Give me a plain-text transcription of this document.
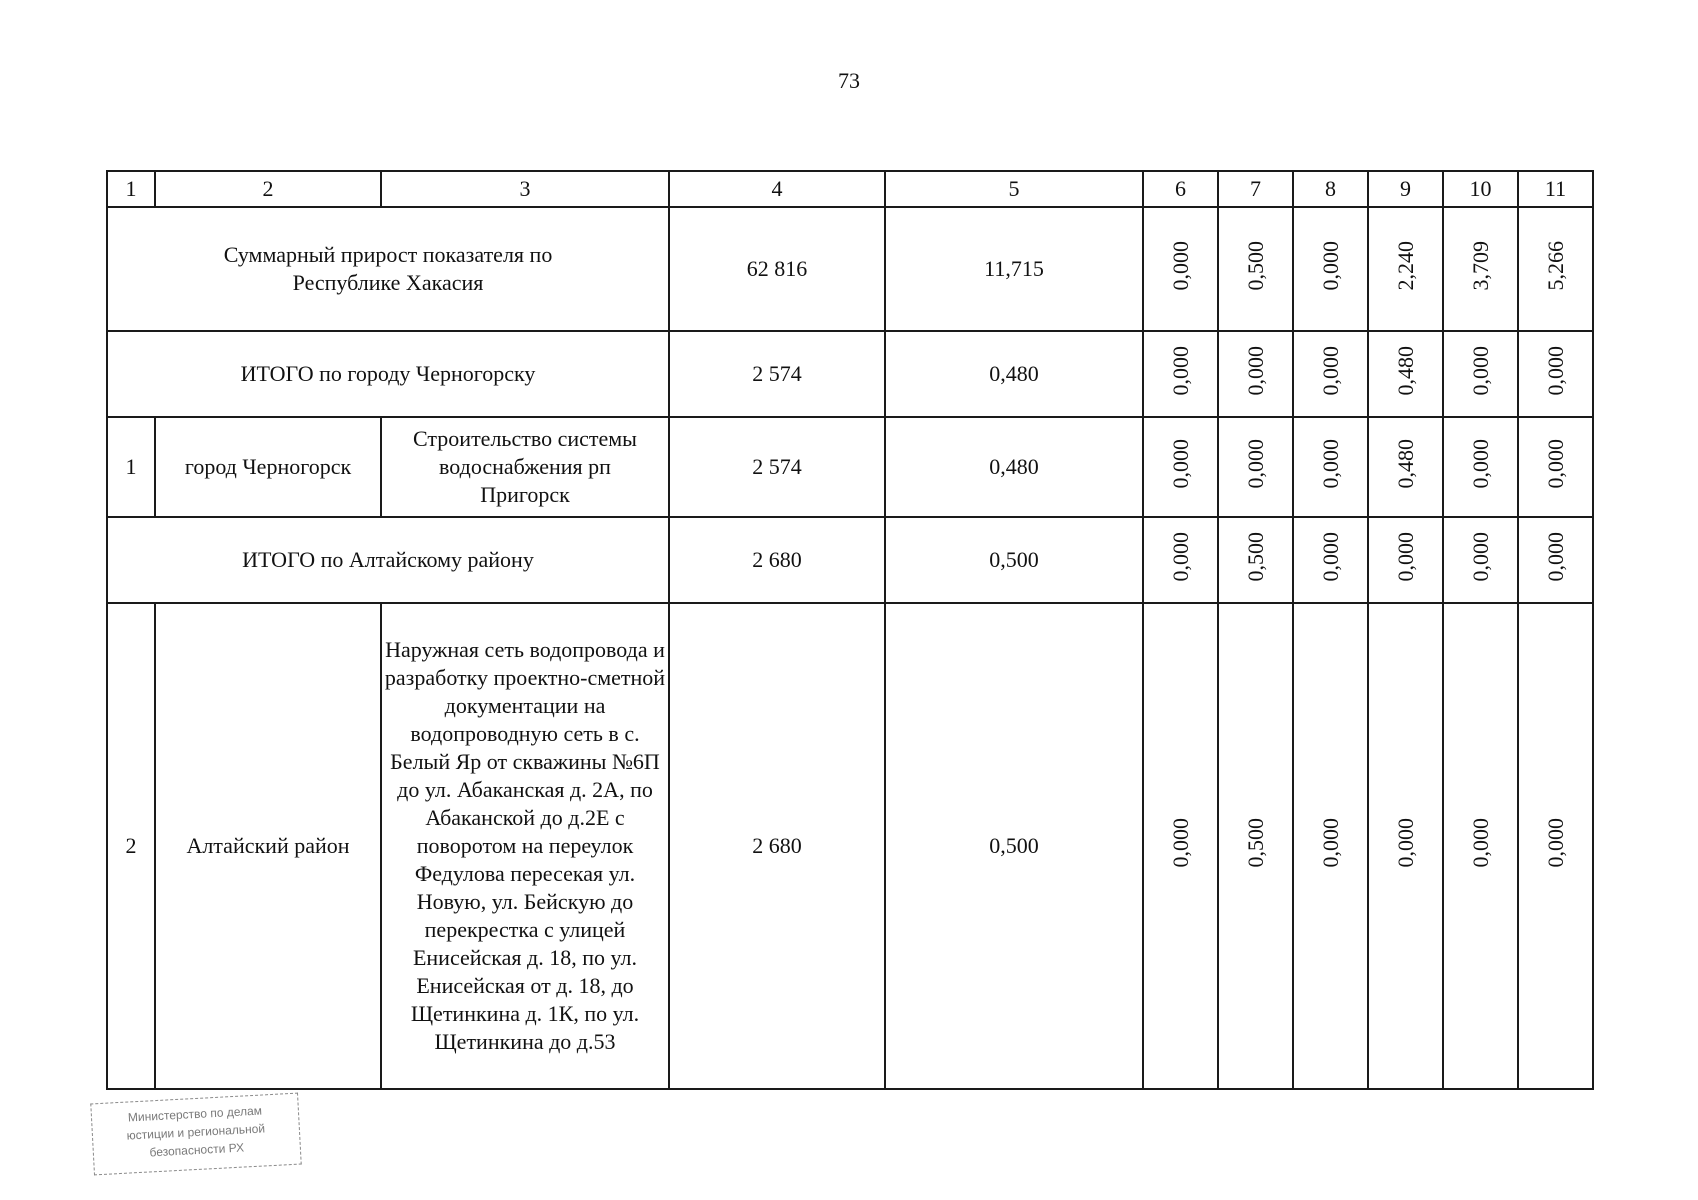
73
1	2	3	4	5	6	7	8	9	10	11
Суммарный прирост показателя по Республике Хакасия			62 816	11,715	0,000	0,500	0,000	2,240	3,709	5,266
ИТОГО по городу Черногорску			2 574	0,480	0,000	0,000	0,000	0,480	0,000	0,000
1	город Черногорск	Строительство системы водоснабжения рп Пригорск	2 574	0,480	0,000	0,000	0,000	0,480	0,000	0,000
ИТОГО по Алтайскому району			2 680	0,500	0,000	0,500	0,000	0,000	0,000	0,000
2	Алтайский район	Наружная сеть водопровода и разработку проектно-сметной документации на водопроводную сеть в с. Белый Яр от скважины №6П до ул. Абаканская д. 2А, по Абаканской до д.2Е с поворотом на переулок Федулова пересекая ул. Новую, ул. Бейскую до перекрестка с улицей Енисейская д. 18, по ул. Енисейская от д. 18, до Щетинкина д. 1К, по ул. Щетинкина до д.53	2 680	0,500	0,000	0,500	0,000	0,000	0,000	0,000
Министерство по делам
юстиции и региональной
безопасности РХ
